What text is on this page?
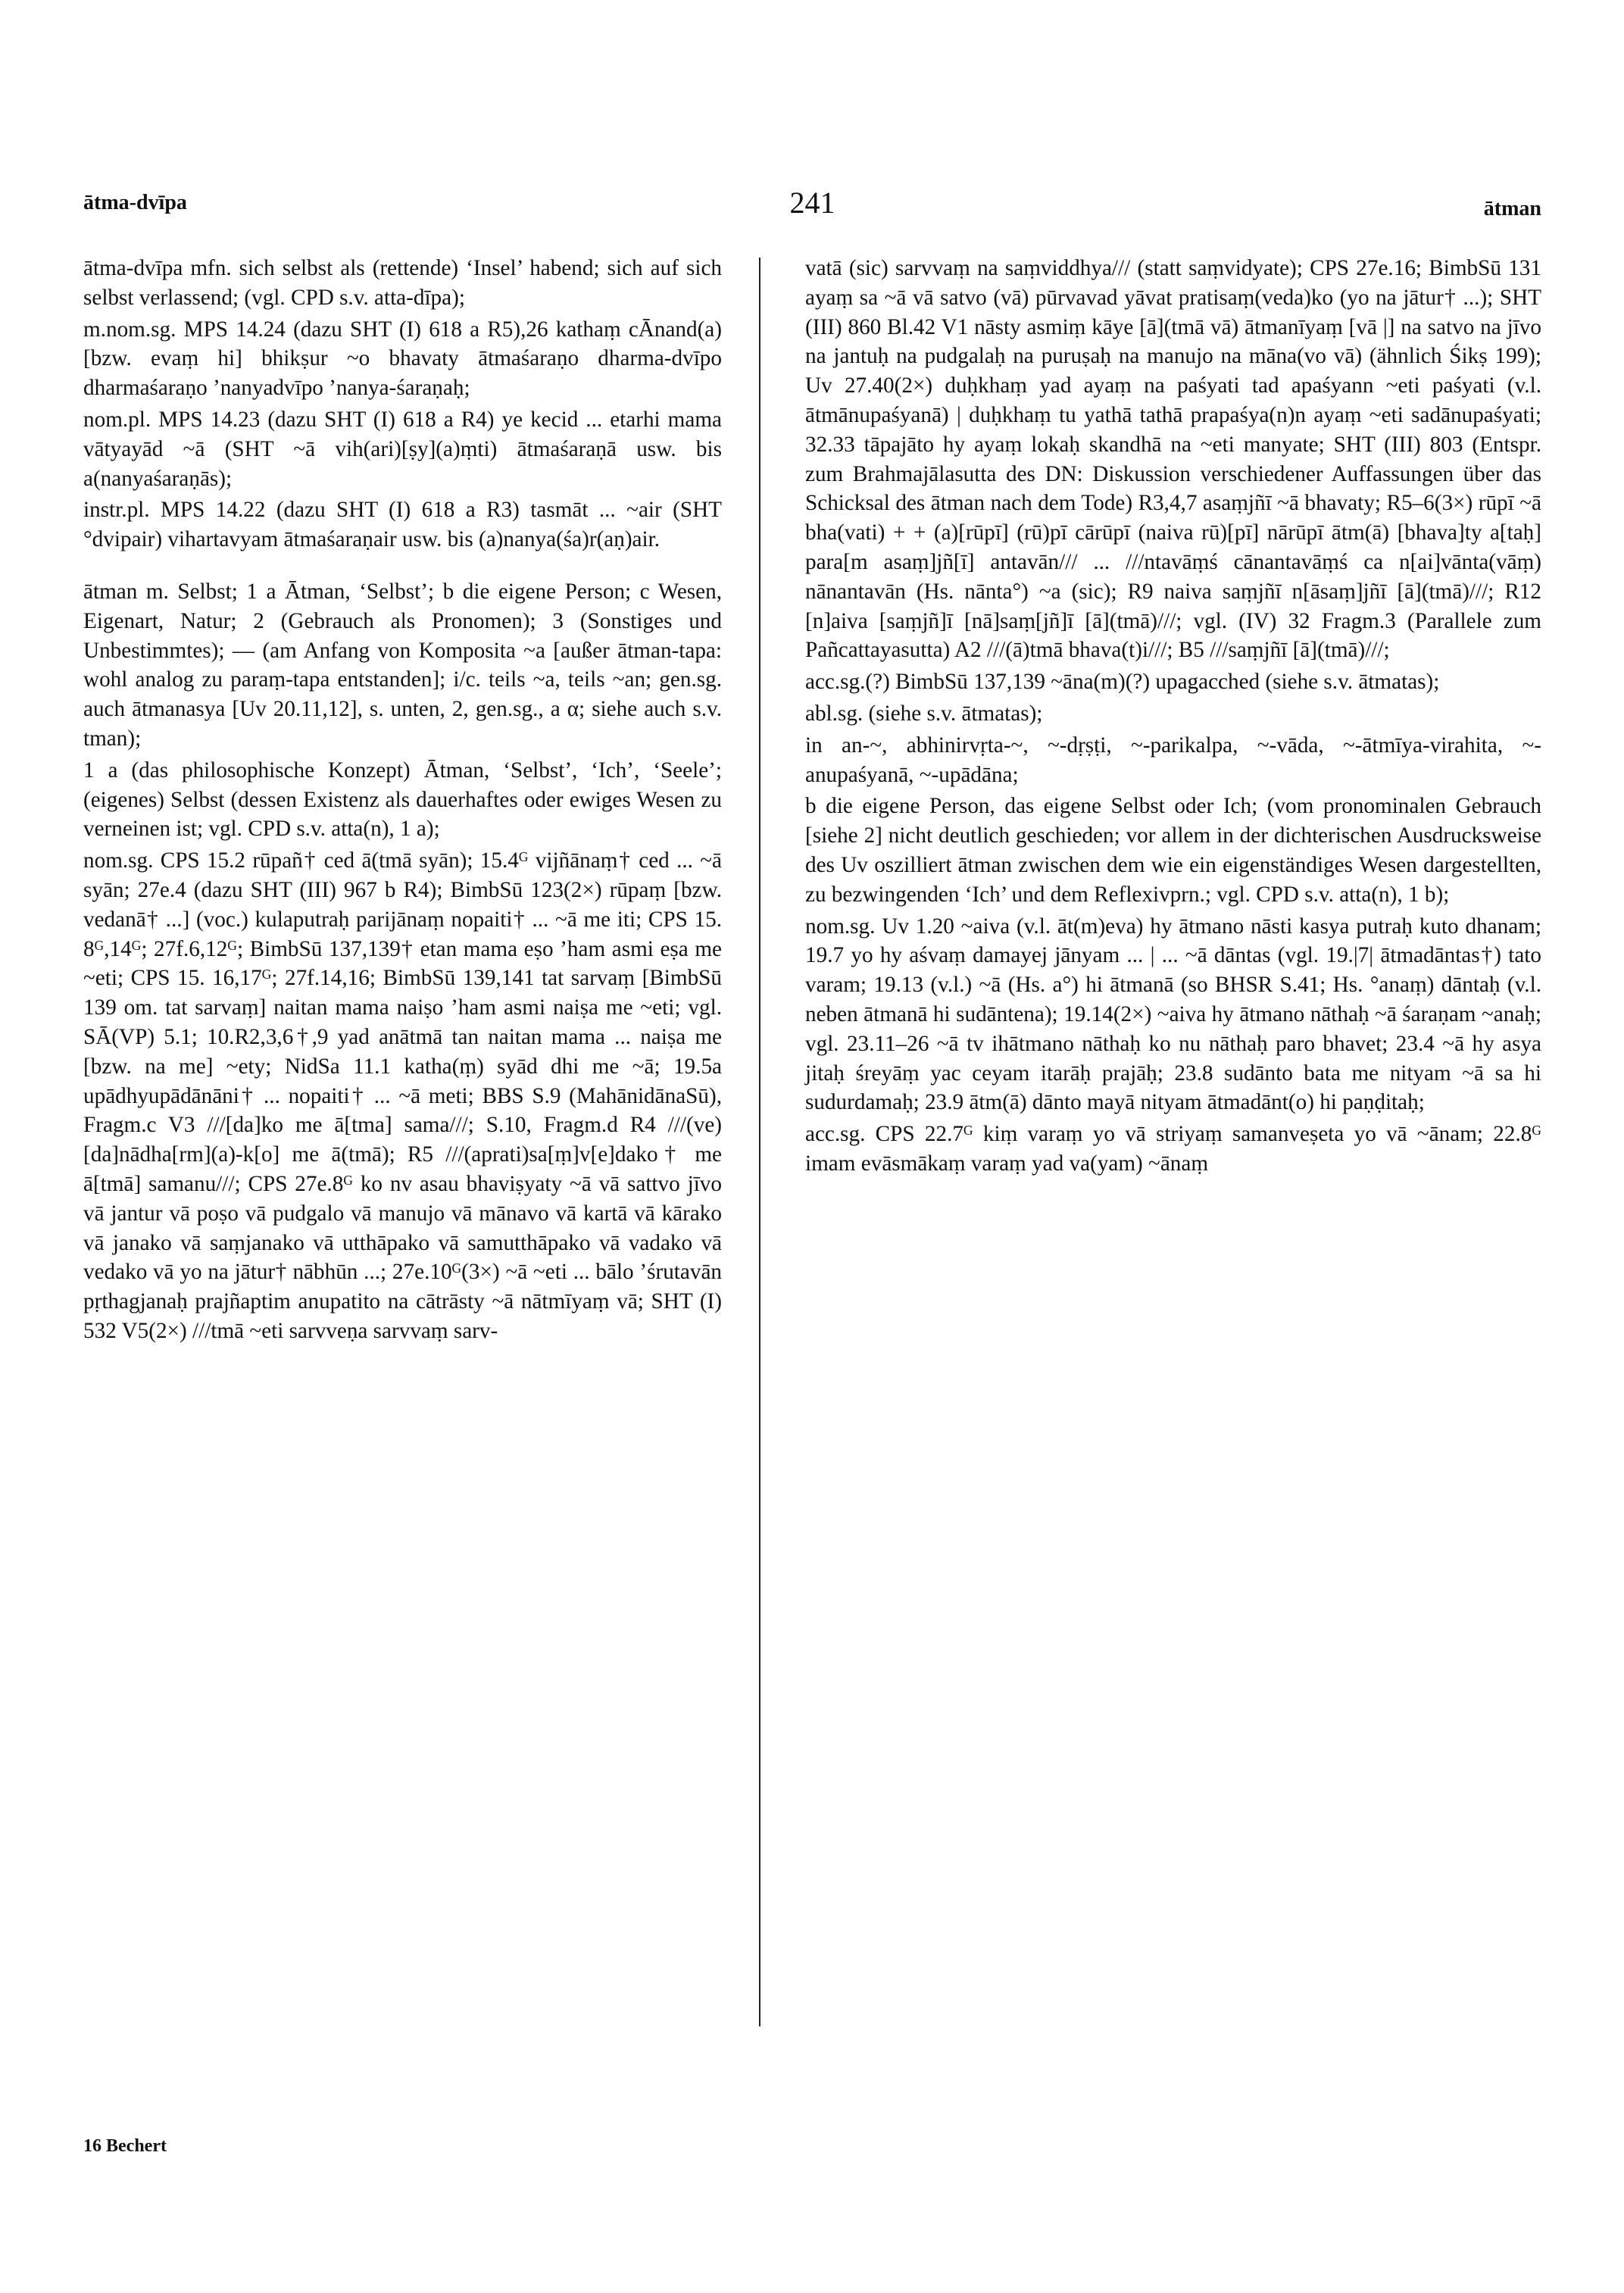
ātma-dvīpa	241	ātman

ātma-dvīpa mfn. sich selbst als (rettende) ‘Insel’ habend; sich auf sich selbst verlassend; (vgl. CPD s.v. atta-dīpa);

m.nom.sg. MPS 14.24 (dazu SHT (I) 618 a R5),26 kathaṃ cĀnand(a) [bzw. evaṃ hi] bhikṣur ~o bhavaty ātmaśaraṇo dharma-dvīpo dharmaśaraṇo ’nanyadvīpo ’nanya-śaraṇaḥ;

nom.pl. MPS 14.23 (dazu SHT (I) 618 a R4) ye kecid ... etarhi mama vātyayād ~ā (SHT ~ā vih(ari)[ṣy](a)ṃti) ātmaśaraṇā usw. bis a(nanyaśaraṇās);

instr.pl. MPS 14.22 (dazu SHT (I) 618 a R3) tasmāt ... ~air (SHT °dvipair) vihartavyam ātmaśaraṇair usw. bis (a)nanya(śa)r(aṇ)air.

ātman m. Selbst; 1 a Ātman, ‘Selbst’; b die eigene Person; c Wesen, Eigenart, Natur; 2 (Gebrauch als Pronomen); 3 (Sonstiges und Unbestimmtes); — (am Anfang von Komposita ~a [außer ātman-tapa: wohl analog zu paraṃ-tapa entstanden]; i/c. teils ~a, teils ~an; gen.sg. auch ātmanasya [Uv 20.11,12], s. unten, 2, gen.sg., a α; siehe auch s.v. tman);

1 a (das philosophische Konzept) Ātman, ‘Selbst’, ‘Ich’, ‘Seele’; (eigenes) Selbst (dessen Existenz als dauerhaftes oder ewiges Wesen zu verneinen ist; vgl. CPD s.v. atta(n), 1 a);

nom.sg. CPS 15.2 rūpañ† ced ā(tmā syān); 15.4ᴳ vijñānaṃ† ced ... ~ā syān; 27e.4 (dazu SHT (III) 967 b R4); BimbSū 123(2×) rūpaṃ [bzw. vedanā† ...] (voc.) kulaputraḥ parijānaṃ nopaiti† ... ~ā me iti; CPS 15. 8ᴳ,14ᴳ; 27f.6,12ᴳ; BimbSū 137,139† etan mama eṣo ’ham asmi eṣa me ~eti; CPS 15. 16,17ᴳ; 27f.14,16; BimbSū 139,141 tat sarvaṃ [BimbSū 139 om. tat sarvaṃ] naitan mama naiṣo ’ham asmi naiṣa me ~eti; vgl. SĀ(VP) 5.1; 10.R2,3,6†,9 yad anātmā tan naitan mama ... naiṣa me [bzw. na me] ~ety; NidSa 11.1 katha(ṃ) syād dhi me ~ā; 19.5a upādhyupādānāni† ... nopaiti† ... ~ā meti; BBS S.9 (MahānidānaSū), Fragm.c V3 ///[da]ko me ā[tma] sama///; S.10, Fragm.d R4 ///(ve)[da]nādha[rm](a)-k[o] me ā(tmā); R5 ///(aprati)sa[ṃ]v[e]dako† me ā[tmā] samanu///; CPS 27e.8ᴳ ko nv asau bhaviṣyaty ~ā vā sattvo jīvo vā jantur vā poṣo vā pudgalo vā manujo vā mānavo vā kartā vā kārako vā janako vā saṃjanako vā utthāpako vā samutthāpako vā vadako vā vedako vā yo na jātur† nābhūn ...; 27e.10ᴳ(3×) ~ā ~eti ... bālo ’śrutavān pṛthagjanaḥ prajñaptim anupatito na cātrāsty ~ā nātmīyaṃ vā; SHT (I) 532 V5(2×) ///tmā ~eti sarvveṇa sarvvaṃ sarv-

vatā (sic) sarvvaṃ na saṃviddhya/// (statt saṃvidyate); CPS 27e.16; BimbSū 131 ayaṃ sa ~ā vā satvo (vā) pūrvavad yāvat pratisaṃ(veda)ko (yo na jātur† ...); SHT (III) 860 Bl.42 V1 nāsty asmiṃ kāye [ā](tmā vā) ātmanīyaṃ [vā |] na satvo na jīvo na jantuḥ na pudgalaḥ na puruṣaḥ na manujo na māna(vo vā) (ähnlich Śikṣ 199); Uv 27.40(2×) duḥkhaṃ yad ayaṃ na paśyati tad apaśyann ~eti paśyati (v.l. ātmānupaśyanā) | duḥkhaṃ tu yathā tathā prapaśya(n)n ayaṃ ~eti sadānupaśyati; 32.33 tāpajāto hy ayaṃ lokaḥ skandhā na ~eti manyate; SHT (III) 803 (Entspr. zum Brahmajālasutta des DN: Diskussion verschiedener Auffassungen über das Schicksal des ātman nach dem Tode) R3,4,7 asaṃjñī ~ā bhavaty; R5–6(3×) rūpī ~ā bha(vati) + + (a)[rūpī] (rū)pī cārūpī (naiva rū)[pī] nārūpī ātm(ā) [bhava]ty a[taḥ] para[m asaṃ]jñ[ī] antavān/// ... ///ntavāṃś cānantavāṃś ca n[ai]vānta(vāṃ) nānantavān (Hs. nānta°) ~a (sic); R9 naiva saṃjñī n[āsaṃ]jñī [ā](tmā)///; R12 [n]aiva [saṃjñ]ī [nā]saṃ[jñ]ī [ā](tmā)///; vgl. (IV) 32 Fragm.3 (Parallele zum Pañcattayasutta) A2 ///(ā)tmā bhava(t)i///; B5 ///saṃjñī [ā](tmā)///;

acc.sg.(?) BimbSū 137,139 ~āna(m)(?) upagacched (siehe s.v. ātmatas);

abl.sg. (siehe s.v. ātmatas);

in an-~, abhinirvṛta-~, ~-dṛṣṭi, ~-parikalpa, ~-vāda, ~-ātmīya-virahita, ~-anupaśyanā, ~-upādāna;

b die eigene Person, das eigene Selbst oder Ich; (vom pronominalen Gebrauch [siehe 2] nicht deutlich geschieden; vor allem in der dichterischen Ausdrucksweise des Uv oszilliert ātman zwischen dem wie ein eigenständiges Wesen dargestellten, zu bezwingenden ‘Ich’ und dem Reflexivprn.; vgl. CPD s.v. atta(n), 1 b);

nom.sg. Uv 1.20 ~aiva (v.l. āt(m)eva) hy ātmano nāsti kasya putraḥ kuto dhanam; 19.7 yo hy aśvaṃ damayej jānyam ... | ... ~ā dāntas (vgl. 19.|7| ātmadāntas†) tato varam; 19.13 (v.l.) ~ā (Hs. a°) hi ātmanā (so BHSR S.41; Hs. °anaṃ) dāntaḥ (v.l. neben ātmanā hi sudāntena); 19.14(2×) ~aiva hy ātmano nāthaḥ ~ā śaraṇam ~anaḥ; vgl. 23.11–26 ~ā tv ihātmano nāthaḥ ko nu nāthaḥ paro bhavet; 23.4 ~ā hy asya jitaḥ śreyāṃ yac ceyam itarāḥ prajāḥ; 23.8 sudānto bata me nityam ~ā sa hi sudurdamaḥ; 23.9 ātm(ā) dānto mayā nityam ātmadānt(o) hi paṇḍitaḥ;

acc.sg. CPS 22.7ᴳ kiṃ varaṃ yo vā striyaṃ samanveṣeta yo vā ~ānam; 22.8ᴳ imam evāsmākaṃ varaṃ yad va(yam) ~ānaṃ

16 Bechert
